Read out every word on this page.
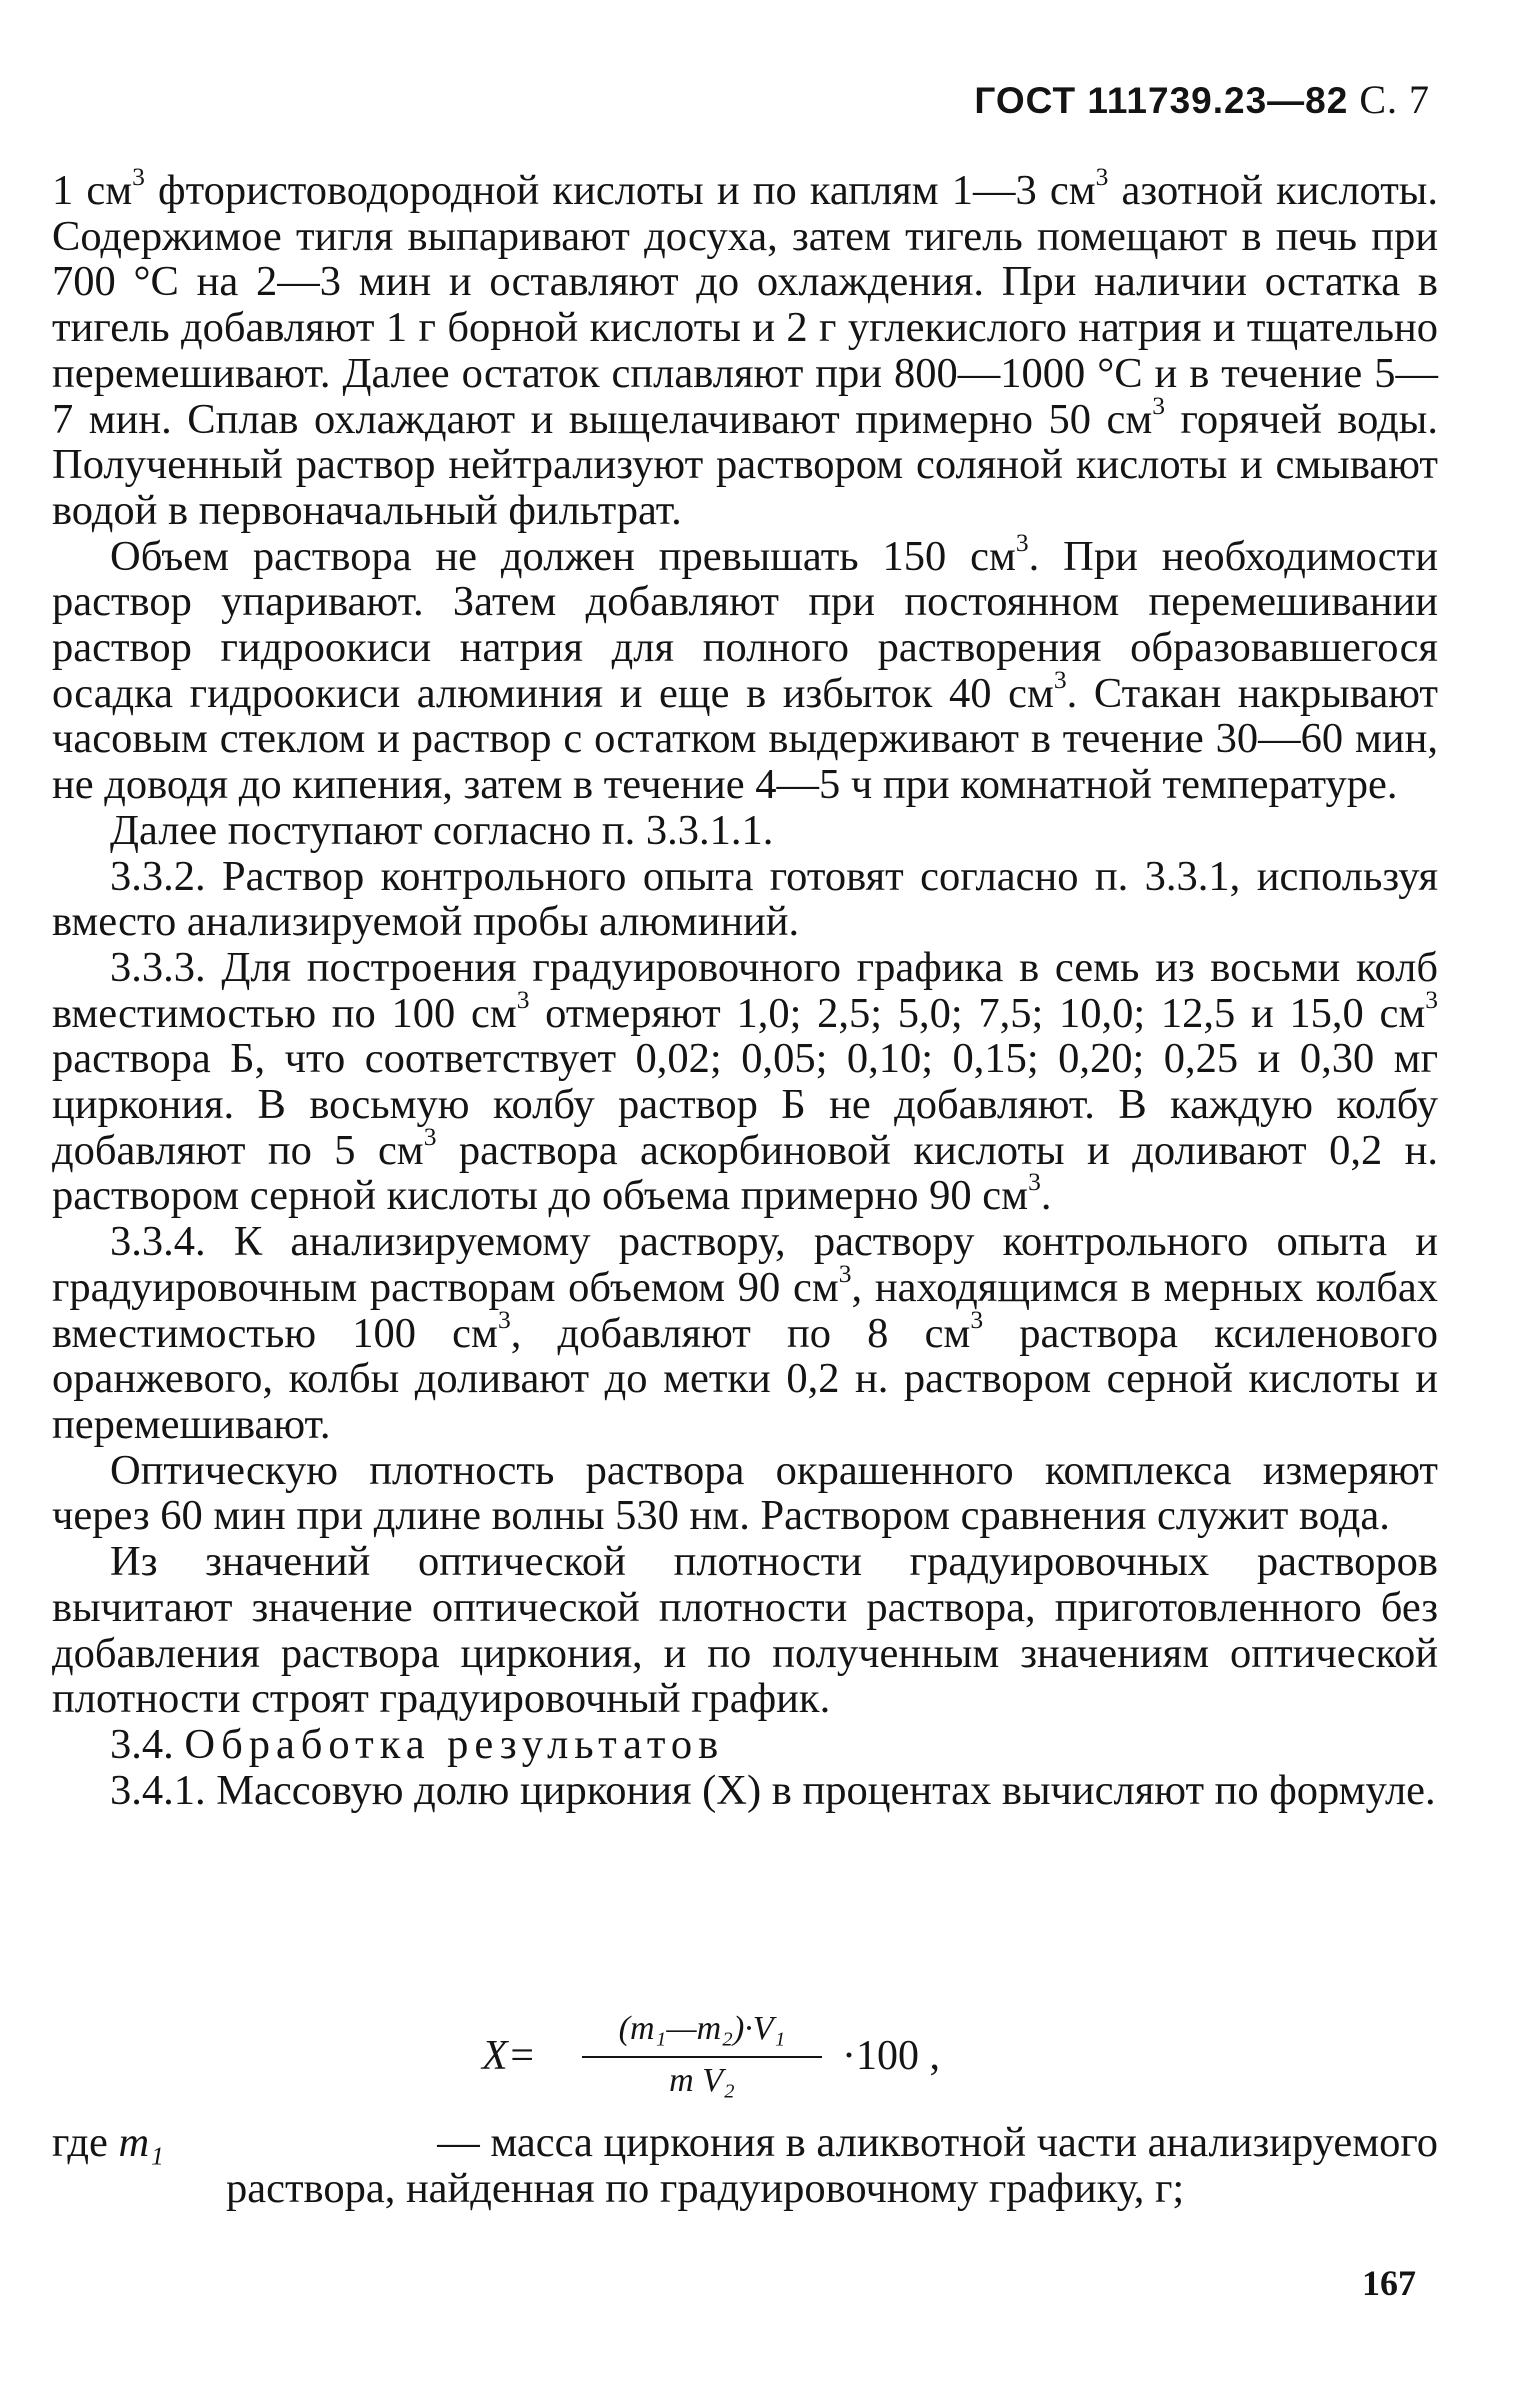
ГОСТ 111739.23—82 С. 7

1 $см^3$ фтористоводородной кислоты и по каплям 1—3 $см^3$ азотной кислоты. Содержимое тигля выпаривают досуха, затем тигель помещают в печь при 700 °С на 2—3 мин и оставляют до охлаждения. При наличии остатка в тигель добавляют 1 г борной кислоты и 2 г углекислого натрия и тщательно перемешивают. Далее остаток сплавляют при 800—1000 °С и в течение 5—7 мин. Сплав охлаждают и выщелачивают примерно 50 $см^3$ горячей воды. Полученный раствор нейтрализуют раствором соляной кислоты и смывают водой в первоначальный фильтрат.

Объем раствора не должен превышать 150 $см^3$. При необходимости раствор упаривают. Затем добавляют при постоянном перемешивании раствор гидроокиси натрия для полного растворения образовавшегося осадка гидроокиси алюминия и еще в избыток 40 $см^3$. Стакан накрывают часовым стеклом и раствор с остатком выдерживают в течение 30—60 мин, не доводя до кипения, затем в течение 4—5 ч при комнатной температуре.

Далее поступают согласно п. 3.3.1.1.

3.3.2. Раствор контрольного опыта готовят согласно п. 3.3.1, используя вместо анализируемой пробы алюминий.

3.3.3. Для построения градуировочного графика в семь из восьми колб вместимостью по 100 $см^3$ отмеряют 1,0; 2,5; 5,0; 7,5; 10,0; 12,5 и 15,0 $см^3$ раствора Б, что соответствует 0,02; 0,05; 0,10; 0,15; 0,20; 0,25 и 0,30 мг циркония. В восьмую колбу раствор Б не добавляют. В каждую колбу добавляют по 5 $см^3$ раствора аскорбиновой кислоты и доливают 0,2 н. раствором серной кислоты до объема примерно 90 $см^3$.

3.3.4. К анализируемому раствору, раствору контрольного опыта и градуировочным растворам объемом 90 $см^3$, находящимся в мерных колбах вместимостью 100 $см^3$, добавляют по 8 $см^3$ раствора ксиленового оранжевого, колбы доливают до метки 0,2 н. раствором серной кислоты и перемешивают.

Оптическую плотность раствора окрашенного комплекса измеряют через 60 мин при длине волны 530 нм. Раствором сравнения служит вода.

Из значений оптической плотности градуировочных растворов вычитают значение оптической плотности раствора, приготовленного без добавления раствора циркония, и по полученным значениям оптической плотности строят градуировочный график.

3.4. Обработка результатов

3.4.1. Массовую долю циркония (X) в процентах вычисляют по формуле.

X=
(m₁—m₂)·V₁
m V₂
·100 ,
где m₁	— масса циркония в аликвотной части анализируемого
раствора, найденная по градуировочному графику, г;
167
